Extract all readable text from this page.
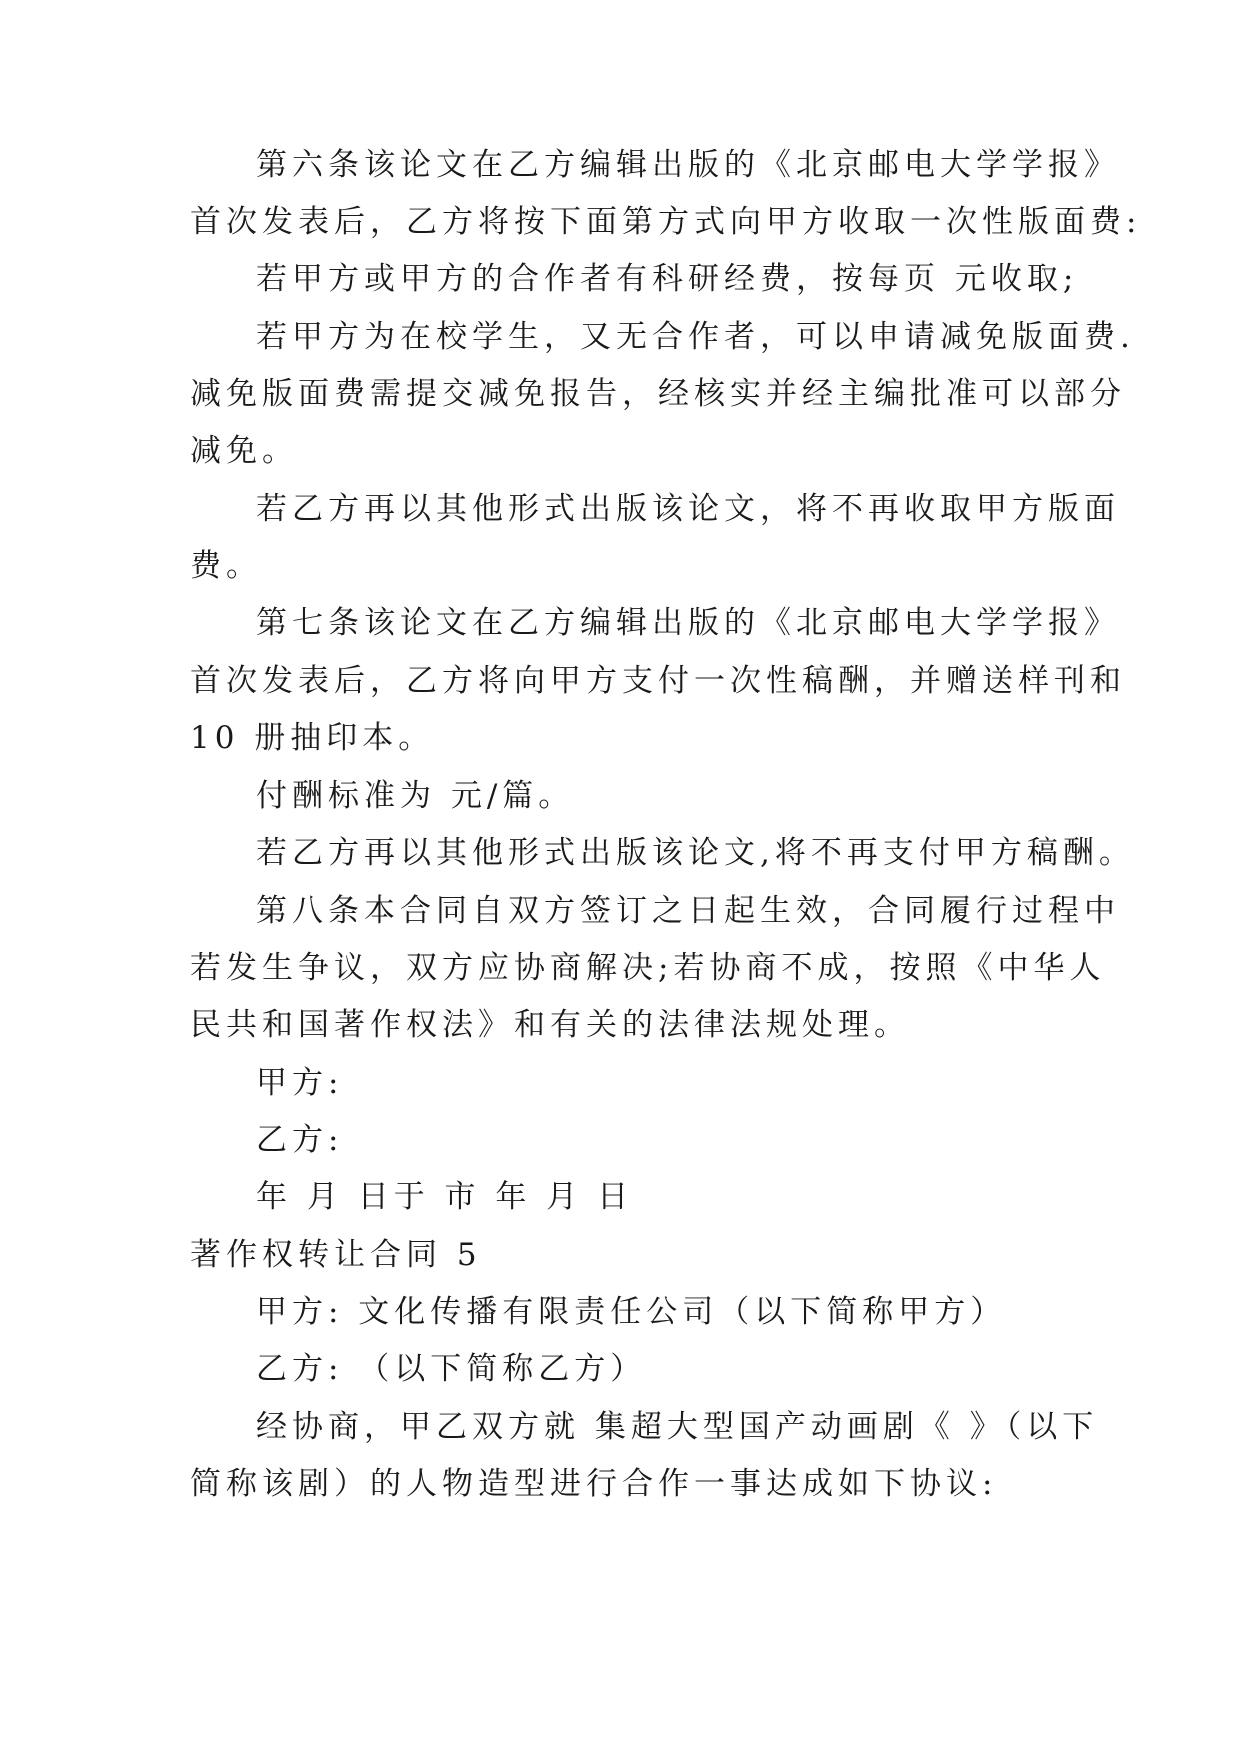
第六条该论文在乙方编辑出版的《北京邮电大学学报》
首次发表后，乙方将按下面第方式向甲方收取一次性版面费:
若甲方或甲方的合作者有科研经费，按每页 元收取;
若甲方为在校学生，又无合作者，可以申请减免版面费.
减免版面费需提交减免报告，经核实并经主编批准可以部分
减免。
若乙方再以其他形式出版该论文，将不再收取甲方版面
费。
第七条该论文在乙方编辑出版的《北京邮电大学学报》
首次发表后，乙方将向甲方支付一次性稿酬，并赠送样刊和
10 册抽印本。
付酬标准为 元/篇。
若乙方再以其他形式出版该论文,将不再支付甲方稿酬。
第八条本合同自双方签订之日起生效，合同履行过程中
若发生争议，双方应协商解决;若协商不成，按照《中华人
民共和国著作权法》和有关的法律法规处理。
甲方:
乙方:
年 月 日于 市 年 月 日
著作权转让合同 5
甲方: 文化传播有限责任公司（以下简称甲方）
乙方: （以下简称乙方）
经协商，甲乙双方就 集超大型国产动画剧《 》（以下
简称该剧）的人物造型进行合作一事达成如下协议:
